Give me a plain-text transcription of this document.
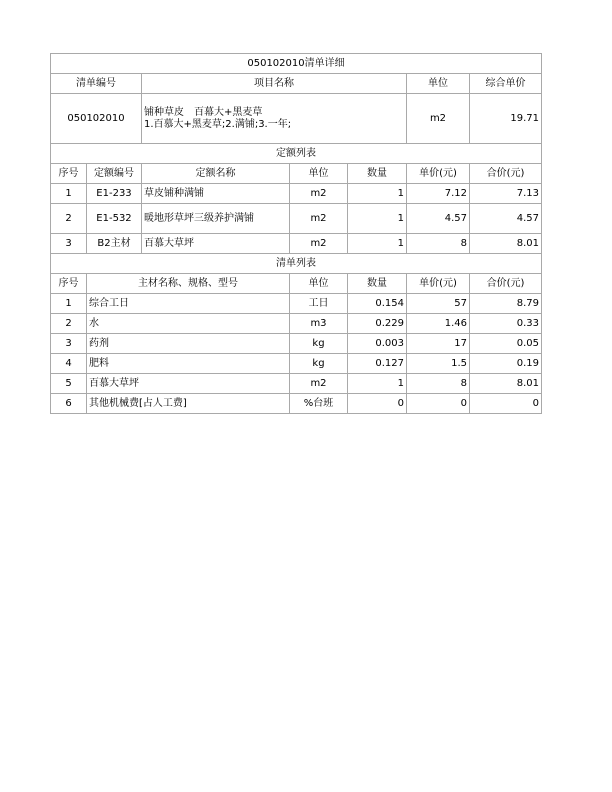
050102010清单详细						
清单编号		项目名称			单位	综合单价
050102010		铺种草皮　百幕大+黑麦草
1.百慕大+黑麦草;2.满铺;3.一年;			m2	19.71
定额列表						
序号	定额编号	定额名称	单位	数量	单价(元)	合价(元)
1	E1-233	草皮铺种满铺	m2	1	7.12	7.13
2	E1-532	暖地形草坪三级养护满铺	m2	1	4.57	4.57
3	B2主材	百慕大草坪	m2	1	8	8.01
清单列表						
序号	主材名称、规格、型号		单位	数量	单价(元)	合价(元)
1	综合工日		工日	0.154	57	8.79
2	水		m3	0.229	1.46	0.33
3	药剂		kg	0.003	17	0.05
4	肥料		kg	0.127	1.5	0.19
5	百慕大草坪		m2	1	8	8.01
6	其他机械费[占人工费]		%台班	0	0	0
